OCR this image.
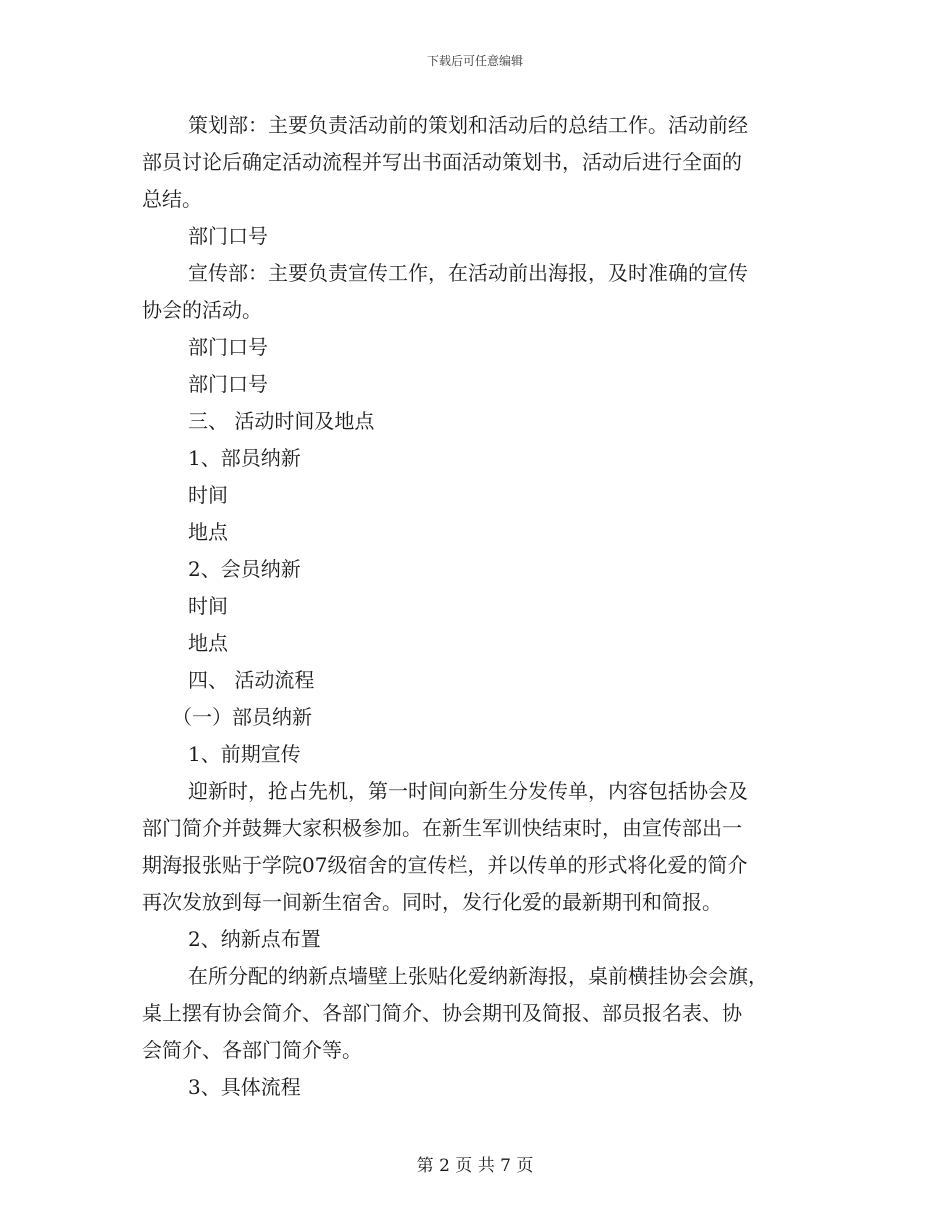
下载后可任意编辑

策划部：主要负责活动前的策划和活动后的总结工作。活动前经

部员讨论后确定活动流程并写出书面活动策划书，活动后进行全面的

总结。

部门口号

宣传部：主要负责宣传工作，在活动前出海报，及时准确的宣传

协会的活动。

部门口号

部门口号

三、 活动时间及地点

1、部员纳新

时间

地点

2、会员纳新

时间

地点

四、 活动流程

（一）部员纳新

1、前期宣传

迎新时，抢占先机，第一时间向新生分发传单，内容包括协会及

部门简介并鼓舞大家积极参加。在新生军训快结束时，由宣传部出一

期海报张贴于学院07级宿舍的宣传栏，并以传单的形式将化爱的简介

再次发放到每一间新生宿舍。同时，发行化爱的最新期刊和简报。

2、纳新点布置

在所分配的纳新点墙壁上张贴化爱纳新海报，桌前横挂协会会旗，

桌上摆有协会简介、各部门简介、协会期刊及简报、部员报名表、协

会简介、各部门简介等。

3、具体流程

第 2 页 共 7 页
